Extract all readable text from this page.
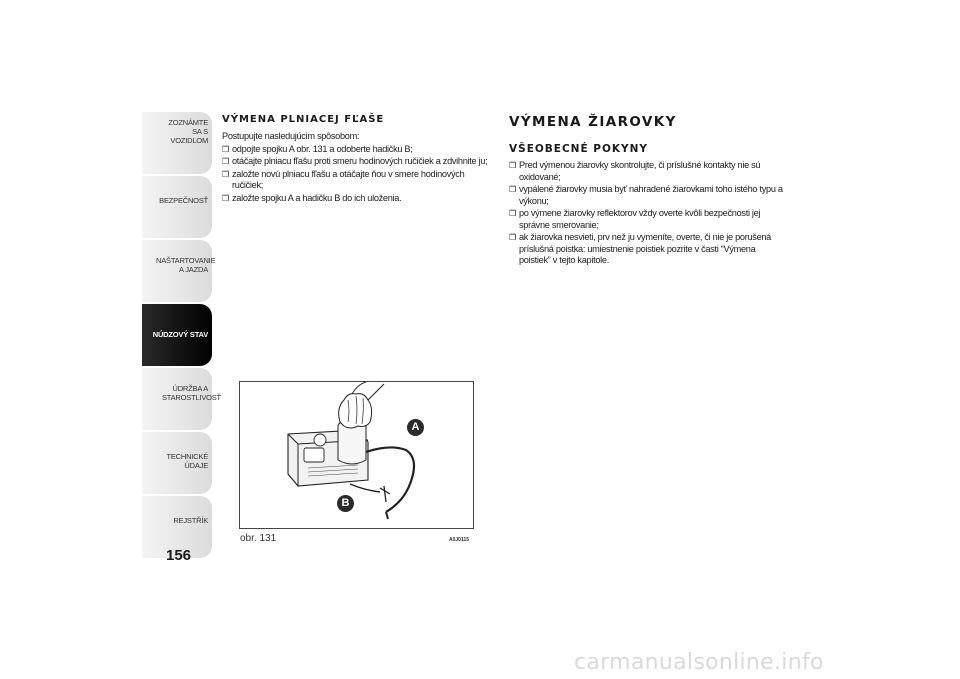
ZOZNÁMTE SA S VOZIDLOM
BEZPEČNOSŤ
NAŠTARTOVANIE A JAZDA
NÚDZOVÝ STAV
ÚDRŽBA A STAROSTLIVOSŤ
TECHNICKÉ ÚDAJE
REJSTŘÍK
156
VÝMENA PLNIACEJ FĽAŠE

Postupujte nasledujúcim spôsobom:

❒ odpojte spojku A obr. 131 a odoberte hadičku B;

❒ otáčajte plniacu fľašu proti smeru hodinových ručičiek a zdvihnite ju;

❒ založte novú plniacu fľašu a otáčajte ňou v smere hodinových ručičiek;

❒ založte spojku A a hadičku B do ich uloženia.

VÝMENA ŽIAROVKY
VŠEOBECNÉ POKYNY

❒ Pred výmenou žiarovky skontrolujte, či príslušné kontakty nie sú oxidované;

❒ vypálené žiarovky musia byť nahradené žiarovkami toho istého typu a výkonu;

❒ po výmene žiarovky reflektorov vždy overte kvôli bezpečnosti jej správne smerovanie;

❒ ak žiarovka nesvieti, prv než ju vymeníte, overte, či nie je porušená príslušná poistka: umiestnenie poistiek pozrite v časti “Výmena poistiek” v tejto kapitole.

A
B
obr. 131	A0J0115
carmanualsonline.info
